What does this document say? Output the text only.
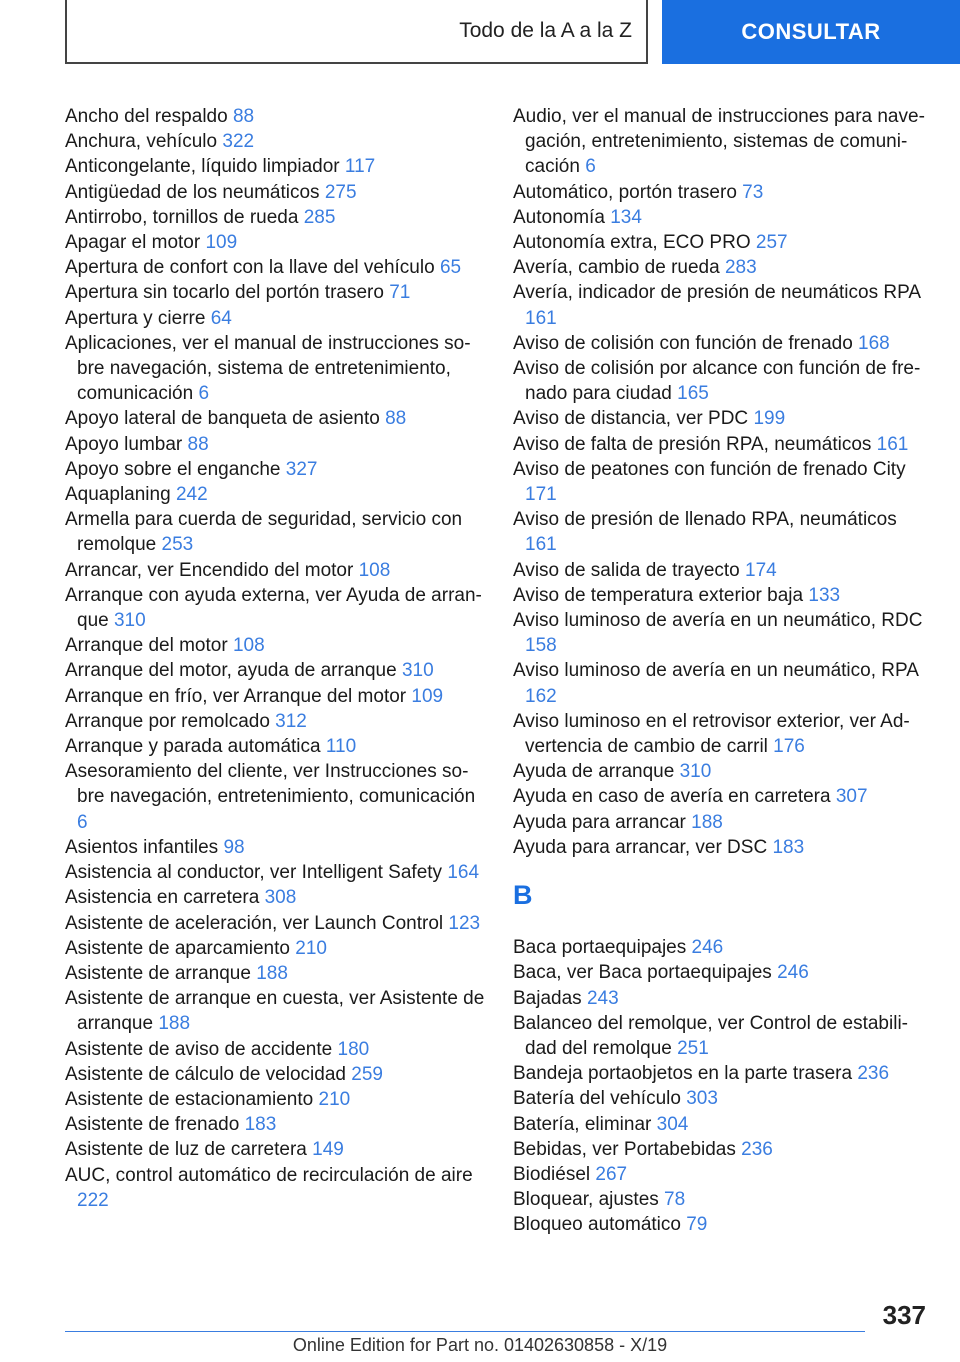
Todo de la A a la Z	CONSULTAR
Ancho del respaldo 88
Anchura, vehículo 322
Anticongelante, líquido limpiador 117
Antigüedad de los neumáticos 275
Antirrobo, tornillos de rueda 285
Apagar el motor 109
Apertura de confort con la llave del vehículo 65
Apertura sin tocarlo del portón trasero 71
Apertura y cierre 64
Aplicaciones, ver el manual de instrucciones sobre navegación, sistema de entretenimiento, comunicación 6
Apoyo lateral de banqueta de asiento 88
Apoyo lumbar 88
Apoyo sobre el enganche 327
Aquaplaning 242
Armella para cuerda de seguridad, servicio con remolque 253
Arrancar, ver Encendido del motor 108
Arranque con ayuda externa, ver Ayuda de arranque 310
Arranque del motor 108
Arranque del motor, ayuda de arranque 310
Arranque en frío, ver Arranque del motor 109
Arranque por remolcado 312
Arranque y parada automática 110
Asesoramiento del cliente, ver Instrucciones sobre navegación, entretenimiento, comunicación 6
Asientos infantiles 98
Asistencia al conductor, ver Intelligent Safety 164
Asistencia en carretera 308
Asistente de aceleración, ver Launch Control 123
Asistente de aparcamiento 210
Asistente de arranque 188
Asistente de arranque en cuesta, ver Asistente de arranque 188
Asistente de aviso de accidente 180
Asistente de cálculo de velocidad 259
Asistente de estacionamiento 210
Asistente de frenado 183
Asistente de luz de carretera 149
AUC, control automático de recirculación de aire 222
Audio, ver el manual de instrucciones para navegación, entretenimiento, sistemas de comunicación 6
Automático, portón trasero 73
Autonomía 134
Autonomía extra, ECO PRO 257
Avería, cambio de rueda 283
Avería, indicador de presión de neumáticos RPA 161
Aviso de colisión con función de frenado 168
Aviso de colisión por alcance con función de frenado para ciudad 165
Aviso de distancia, ver PDC 199
Aviso de falta de presión RPA, neumáticos 161
Aviso de peatones con función de frenado City 171
Aviso de presión de llenado RPA, neumáticos 161
Aviso de salida de trayecto 174
Aviso de temperatura exterior baja 133
Aviso luminoso de avería en un neumático, RDC 158
Aviso luminoso de avería en un neumático, RPA 162
Aviso luminoso en el retrovisor exterior, ver Advertencia de cambio de carril 176
Ayuda de arranque 310
Ayuda en caso de avería en carretera 307
Ayuda para arrancar 188
Ayuda para arrancar, ver DSC 183
B
Baca portaequipajes 246
Baca, ver Baca portaequipajes 246
Bajadas 243
Balanceo del remolque, ver Control de estabilidad del remolque 251
Bandeja portaobjetos en la parte trasera 236
Batería del vehículo 303
Batería, eliminar 304
Bebidas, ver Portabebidas 236
Biodiésel 267
Bloquear, ajustes 78
Bloqueo automático 79
337
Online Edition for Part no. 01402630858 - X/19
